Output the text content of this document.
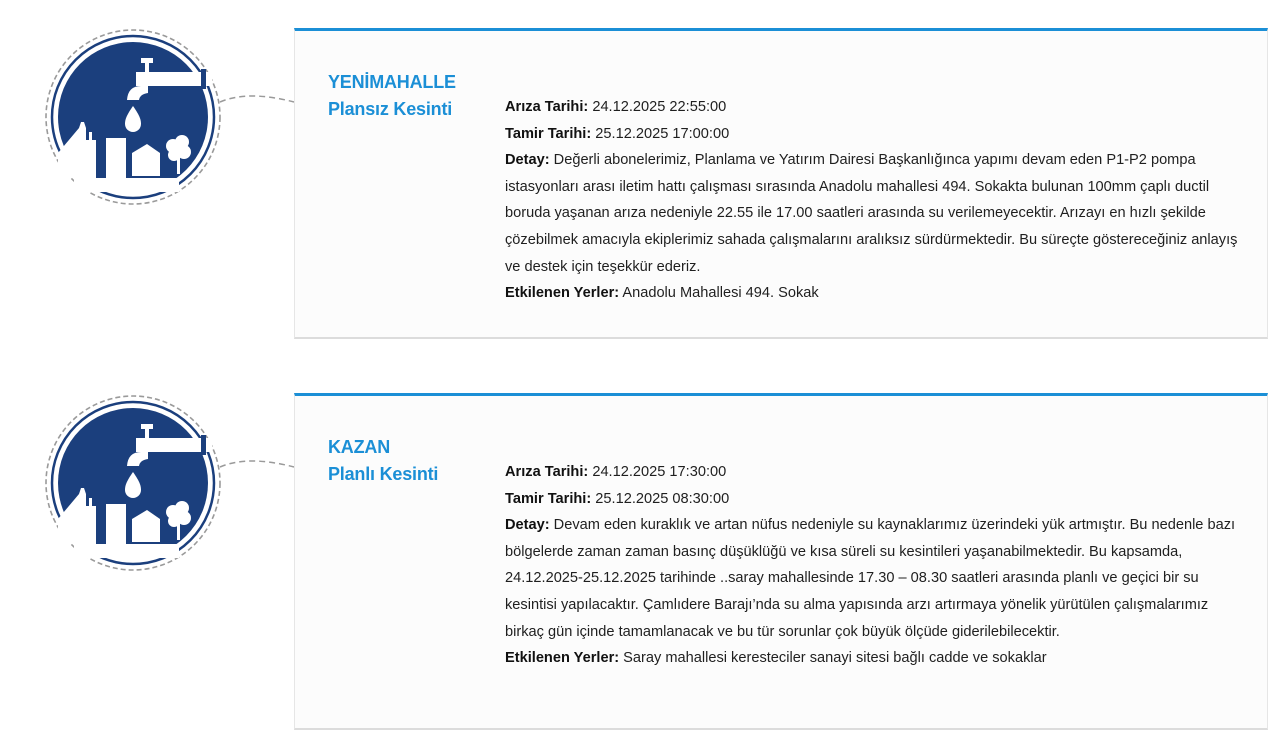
YENİMAHALLE
Plansız Kesinti	Arıza Tarihi: 24.12.2025 22:55:00

Tamir Tarihi: 25.12.2025 17:00:00

Detay: Değerli abonelerimiz, Planlama ve Yatırım Dairesi Başkanlığınca yapımı devam eden P1-P2 pompa istasyonları arası iletim hattı çalışması sırasında Anadolu mahallesi 494. Sokakta bulunan 100mm çaplı ductil boruda yaşanan arıza nedeniyle 22.55 ile 17.00 saatleri arasında su verilemeyecektir. Arızayı en hızlı şekilde çözebilmek amacıyla ekiplerimiz sahada çalışmalarını aralıksız sürdürmektedir. Bu süreçte göstereceğiniz anlayış ve destek için teşekkür ederiz.

Etkilenen Yerler: Anadolu Mahallesi 494. Sokak

KAZAN
Planlı Kesinti	Arıza Tarihi: 24.12.2025 17:30:00

Tamir Tarihi: 25.12.2025 08:30:00

Detay: Devam eden kuraklık ve artan nüfus nedeniyle su kaynaklarımız üzerindeki yük artmıştır. Bu nedenle bazı bölgelerde zaman zaman basınç düşüklüğü ve kısa süreli su kesintileri yaşanabilmektedir. Bu kapsamda, 24.12.2025-25.12.2025 tarihinde ..saray mahallesinde 17.30 – 08.30 saatleri arasında planlı ve geçici bir su kesintisi yapılacaktır. Çamlıdere Barajı’nda su alma yapısında arzı artırmaya yönelik yürütülen çalışmalarımız birkaç gün içinde tamamlanacak ve bu tür sorunlar çok büyük ölçüde giderilebilecektir.

Etkilenen Yerler: Saray mahallesi keresteciler sanayi sitesi bağlı cadde ve sokaklar
